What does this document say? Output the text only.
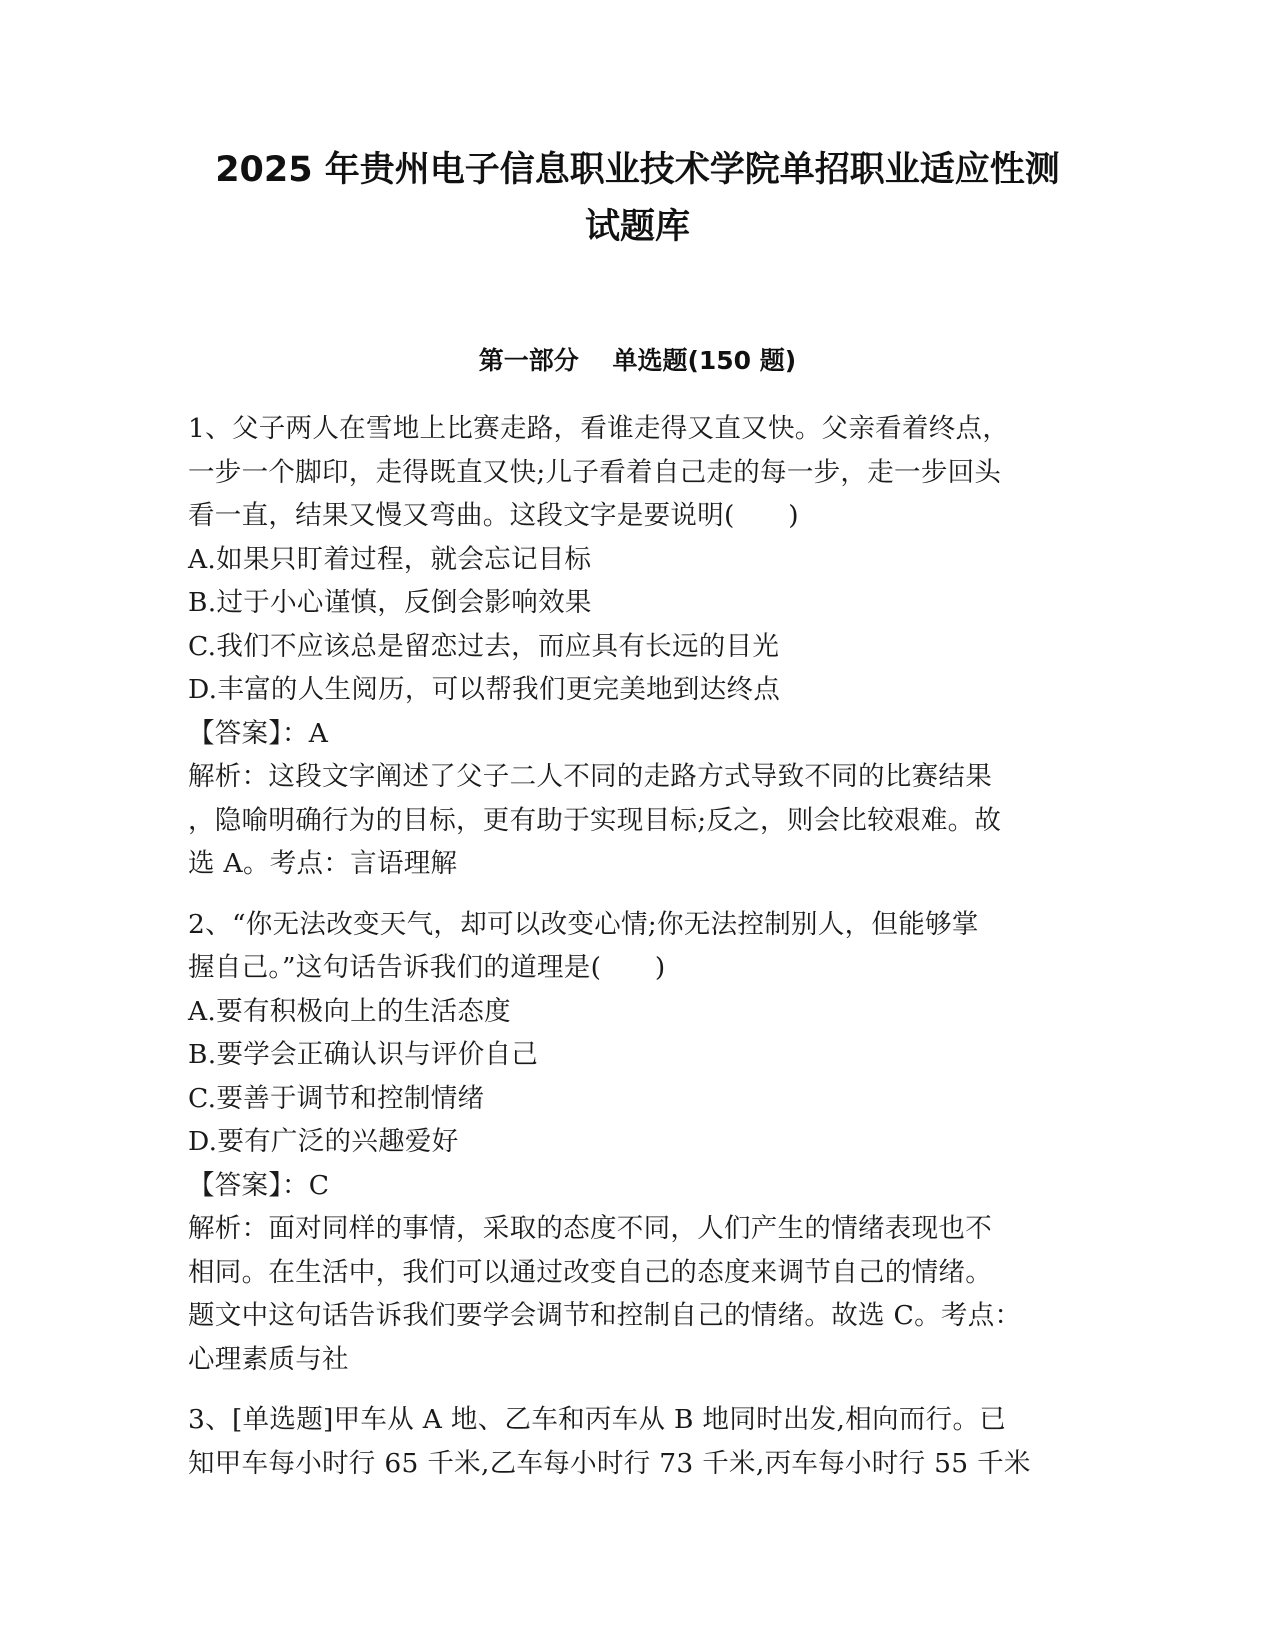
2025 年贵州电子信息职业技术学院单招职业适应性测
试题库
第一部分　 单选题(150 题)
1、父子两人在雪地上比赛走路，看谁走得又直又快。父亲看着终点，
一步一个脚印，走得既直又快;儿子看着自己走的每一步，走一步回头
看一直，结果又慢又弯曲。这段文字是要说明(　　)
A.如果只盯着过程，就会忘记目标
B.过于小心谨慎，反倒会影响效果
C.我们不应该总是留恋过去，而应具有长远的目光
D.丰富的人生阅历，可以帮我们更完美地到达终点
【答案】：A
解析：这段文字阐述了父子二人不同的走路方式导致不同的比赛结果
，隐喻明确行为的目标，更有助于实现目标;反之，则会比较艰难。故
选 A。考点：言语理解
2、“你无法改变天气，却可以改变心情;你无法控制别人，但能够掌
握自己。”这句话告诉我们的道理是(　　)
A.要有积极向上的生活态度
B.要学会正确认识与评价自己
C.要善于调节和控制情绪
D.要有广泛的兴趣爱好
【答案】：C
解析：面对同样的事情，采取的态度不同，人们产生的情绪表现也不
相同。在生活中，我们可以通过改变自己的态度来调节自己的情绪。
题文中这句话告诉我们要学会调节和控制自己的情绪。故选 C。考点：
心理素质与社
3、[单选题]甲车从 A 地、乙车和丙车从 B 地同时出发,相向而行。已
知甲车每小时行 65 千米,乙车每小时行 73 千米,丙车每小时行 55 千米
